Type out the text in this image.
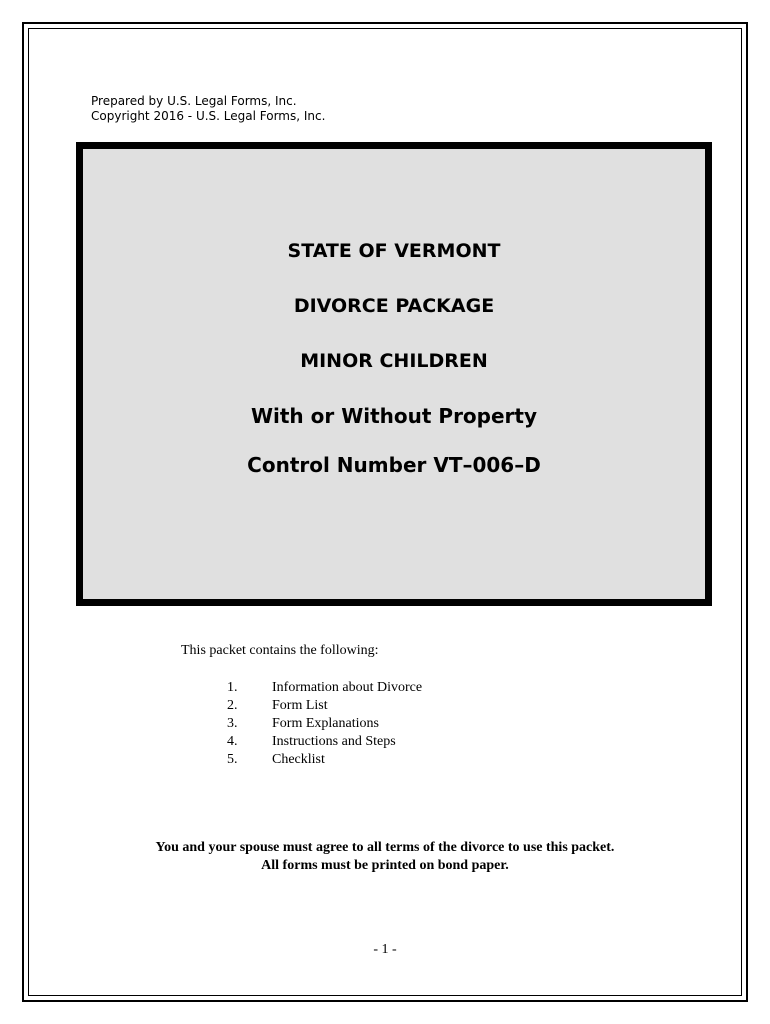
Prepared by U.S. Legal Forms, Inc.
Copyright 2016 - U.S. Legal Forms, Inc.
STATE OF VERMONT
DIVORCE PACKAGE
MINOR CHILDREN
With or Without Property
Control Number VT–006–D
This packet contains the following:
1.	Information about Divorce
2.	Form List
3.	Form Explanations
4.	Instructions and Steps
5.	Checklist
You and your spouse must agree to all terms of the divorce to use this packet.
All forms must be printed on bond paper.
- 1 -
